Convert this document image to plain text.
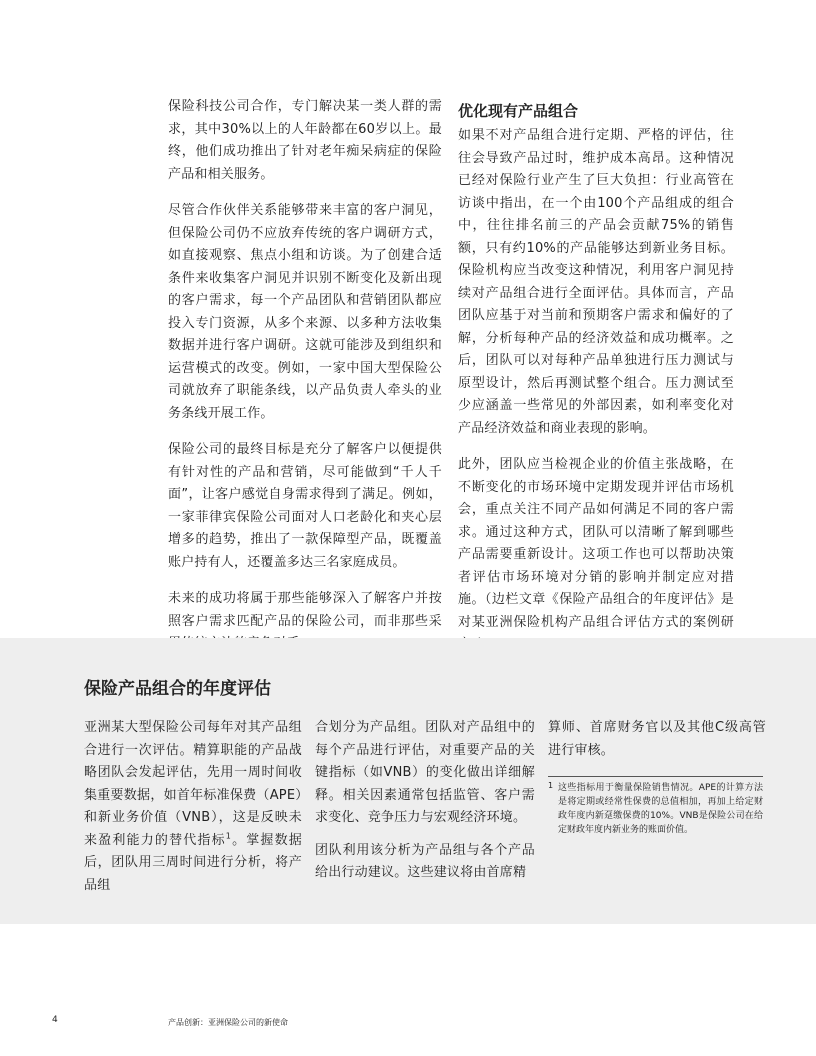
保险科技公司合作，专门解决某一类人群的需求，其中30%以上的人年龄都在60岁以上。最终，他们成功推出了针对老年痴呆病症的保险产品和相关服务。

尽管合作伙伴关系能够带来丰富的客户洞见，但保险公司仍不应放弃传统的客户调研方式，如直接观察、焦点小组和访谈。为了创建合适条件来收集客户洞见并识别不断变化及新出现的客户需求，每一个产品团队和营销团队都应投入专门资源，从多个来源、以多种方法收集数据并进行客户调研。这就可能涉及到组织和运营模式的改变。例如，一家中国大型保险公司就放弃了职能条线，以产品负责人牵头的业务条线开展工作。

保险公司的最终目标是充分了解客户以便提供有针对性的产品和营销，尽可能做到“千人千面”，让客户感觉自身需求得到了满足。例如，一家菲律宾保险公司面对人口老龄化和夹心层增多的趋势，推出了一款保障型产品，既覆盖账户持有人，还覆盖多达三名家庭成员。

未来的成功将属于那些能够深入了解客户并按照客户需求匹配产品的保险公司，而非那些采

优化现有产品组合

如果不对产品组合进行定期、严格的评估，往往会导致产品过时，维护成本高昂。这种情况已经对保险行业产生了巨大负担：行业高管在访谈中指出，在一个由100个产品组成的组合中，往往排名前三的产品会贡献75%的销售额，只有约10%的产品能够达到新业务目标。保险机构应当改变这种情况，利用客户洞见持续对产品组合进行全面评估。具体而言，产品团队应基于对当前和预期客户需求和偏好的了解，分析每种产品的经济效益和成功概率。之后，团队可以对每种产品单独进行压力测试与原型设计，然后再测试整个组合。压力测试至少应涵盖一些常见的外部因素，如利率变化对产品经济效益和商业表现的影响。

此外，团队应当检视企业的价值主张战略，在不断变化的市场环境中定期发现并评估市场机会，重点关注不同产品如何满足不同的客户需求。通过这种方式，团队可以清晰了解到哪些产品需要重新设计。这项工作也可以帮助决策者评估市场环境对分销的影响并制定应对措施。（边栏文章《保险产品组合的年度评估》是对某亚洲保险机构产品组合评估方式的案例研

保险产品组合的年度评估

亚洲某大型保险公司每年对其产品组合进行一次评估。精算职能的产品战略团队会发起评估，先用一周时间收集重要数据，如首年标准保费（APE）和新业务价值（VNB），这是反映未来盈利能力的替代指标$^1$。掌握数据后，团队用三周时间进行分析，将产品组

合划分为产品组。团队对产品组中的每个产品进行评估，对重要产品的关键指标（如VNB）的变化做出详细解释。相关因素通常包括监管、客户需求变化、竞争压力与宏观经济环境。

团队利用该分析为产品组与各个产品给出行动建议。这些建议将由首席精

算师、首席财务官以及其他C级高管进行审核。

1 这些指标用于衡量保险销售情况。APE的计算方法是将定期或经常性保费的总值相加，再加上给定财政年度内新趸缴保费的10%。VNB是保险公司在给定财政年度内新业务的账面价值。

4	产品创新：亚洲保险公司的新使命
